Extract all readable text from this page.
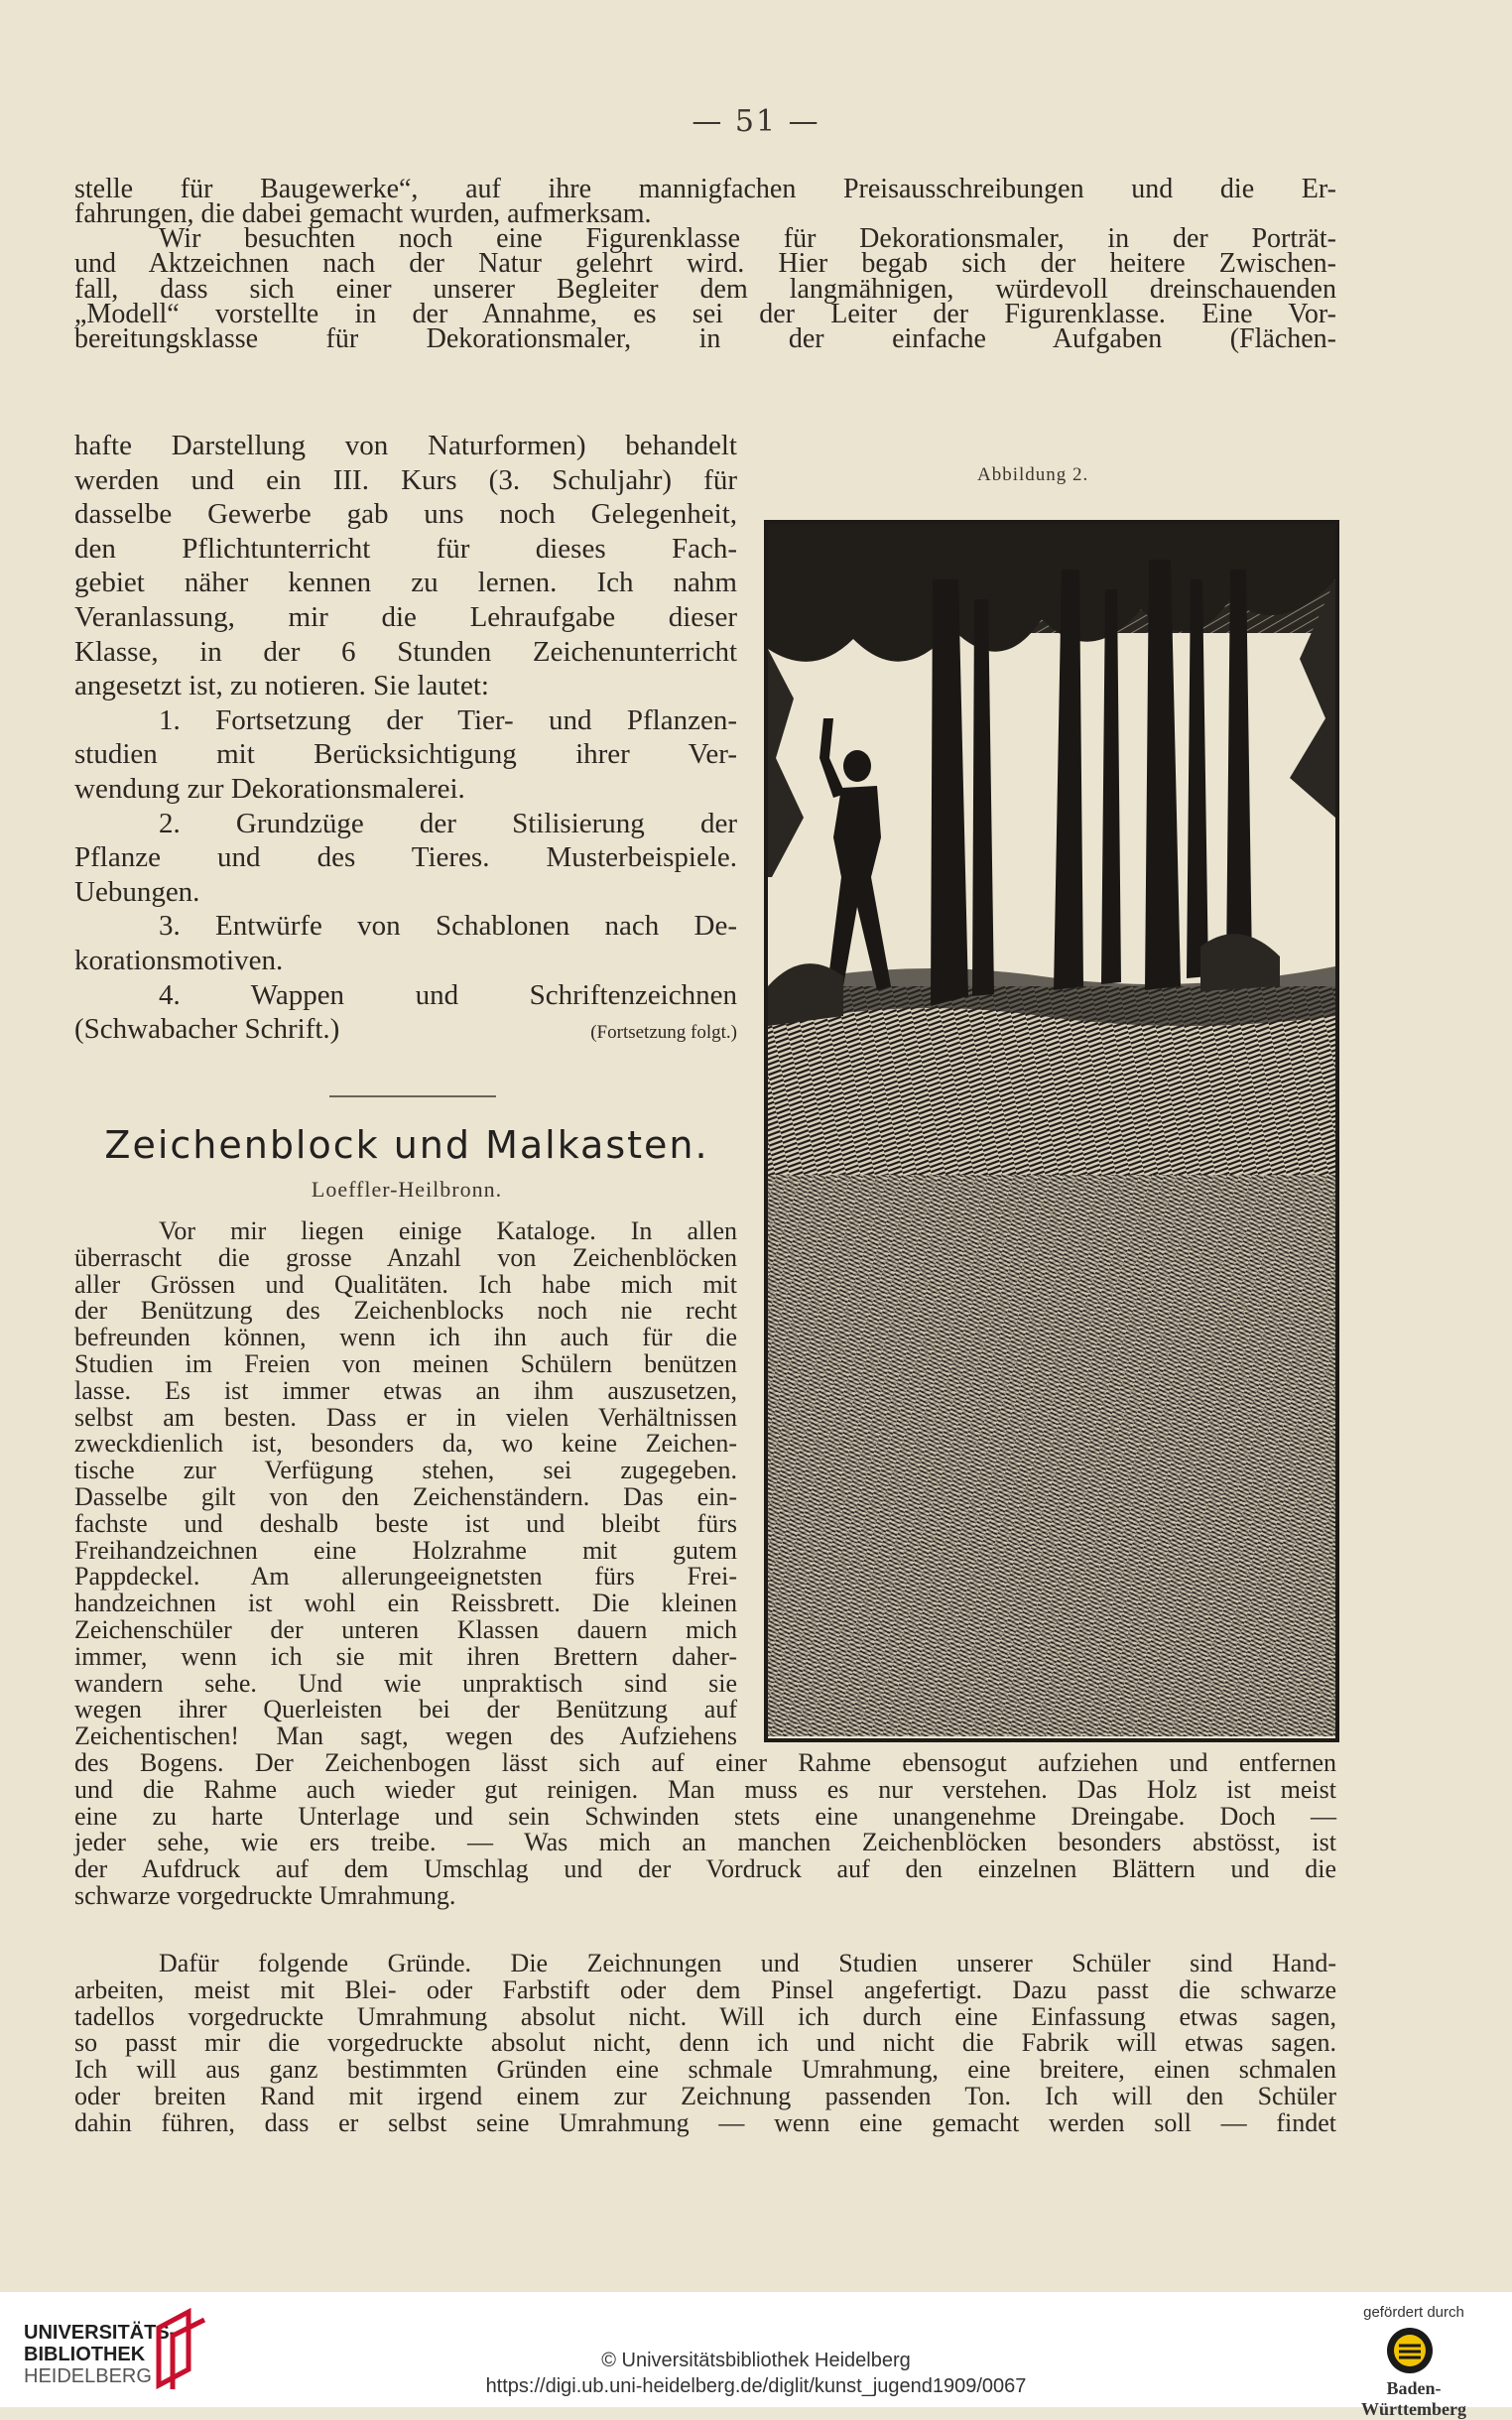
— 51 —

stelle für Baugewerke“, auf ihre mannigfachen Preisausschreibungen und die Er-

fahrungen, die dabei gemacht wurden, aufmerksam.

Wir besuchten noch eine Figurenklasse für Dekorationsmaler, in der Porträt-

und Aktzeichnen nach der Natur gelehrt wird. Hier begab sich der heitere Zwischen-

fall, dass sich einer unserer Begleiter dem langmähnigen, würdevoll dreinschauenden

„Modell“ vorstellte in der Annahme, es sei der Leiter der Figurenklasse. Eine Vor-

bereitungsklasse für Dekorationsmaler, in der einfache Aufgaben (Flächen-

hafte Darstellung von Naturformen) behandelt

werden und ein III. Kurs (3. Schuljahr) für

dasselbe Gewerbe gab uns noch Gelegenheit,

den Pflichtunterricht für dieses Fach-

gebiet näher kennen zu lernen. Ich nahm

Veranlassung, mir die Lehraufgabe dieser

Klasse, in der 6 Stunden Zeichenunterricht

angesetzt ist, zu notieren. Sie lautet:

1. Fortsetzung der Tier- und Pflanzen-

studien mit Berücksichtigung ihrer Ver-

wendung zur Dekorationsmalerei.

2. Grundzüge der Stilisierung der

Pflanze und des Tieres. Musterbeispiele.

Uebungen.

3. Entwürfe von Schablonen nach De-

korationsmotiven.

4. Wappen und Schriftenzeichnen

(Schwabacher Schrift.)	(Fortsetzung folgt.)

Zeichenblock und Malkasten.
Loeffler-Heilbronn.

Vor mir liegen einige Kataloge. In allen

überrascht die grosse Anzahl von Zeichenblöcken

aller Grössen und Qualitäten. Ich habe mich mit

der Benützung des Zeichenblocks noch nie recht

befreunden können, wenn ich ihn auch für die

Studien im Freien von meinen Schülern benützen

lasse. Es ist immer etwas an ihm auszusetzen,

selbst am besten. Dass er in vielen Verhältnissen

zweckdienlich ist, besonders da, wo keine Zeichen-

tische zur Verfügung stehen, sei zugegeben.

Dasselbe gilt von den Zeichenständern. Das ein-

fachste und deshalb beste ist und bleibt fürs

Freihandzeichnen eine Holzrahme mit gutem

Pappdeckel. Am allerungeeignetsten fürs Frei-

handzeichnen ist wohl ein Reissbrett. Die kleinen

Zeichenschüler der unteren Klassen dauern mich

immer, wenn ich sie mit ihren Brettern daher-

wandern sehe. Und wie unpraktisch sind sie

wegen ihrer Querleisten bei der Benützung auf

Zeichentischen! Man sagt, wegen des Aufziehens

des Bogens. Der Zeichenbogen lässt sich auf einer Rahme ebensogut aufziehen und entfernen

und die Rahme auch wieder gut reinigen. Man muss es nur verstehen. Das Holz ist meist

eine zu harte Unterlage und sein Schwinden stets eine unangenehme Dreingabe. Doch —

jeder sehe, wie ers treibe. — Was mich an manchen Zeichenblöcken besonders abstösst, ist

der Aufdruck auf dem Umschlag und der Vordruck auf den einzelnen Blättern und die

schwarze vorgedruckte Umrahmung.

Dafür folgende Gründe. Die Zeichnungen und Studien unserer Schüler sind Hand-

arbeiten, meist mit Blei- oder Farbstift oder dem Pinsel angefertigt. Dazu passt die schwarze

tadellos vorgedruckte Umrahmung absolut nicht. Will ich durch eine Einfassung etwas sagen,

so passt mir die vorgedruckte absolut nicht, denn ich und nicht die Fabrik will etwas sagen.

Ich will aus ganz bestimmten Gründen eine schmale Umrahmung, eine breitere, einen schmalen

oder breiten Rand mit irgend einem zur Zeichnung passenden Ton. Ich will den Schüler

dahin führen, dass er selbst seine Umrahmung — wenn eine gemacht werden soll — findet

Abbildung 2.
UNIVERSITÄTS-
BIBLIOTHEK
HEIDELBERG
© Universitätsbibliothek Heidelberg
https://digi.ub.uni-heidelberg.de/diglit/kunst_jugend1909/0067
gefördert durch
Baden-Württemberg
